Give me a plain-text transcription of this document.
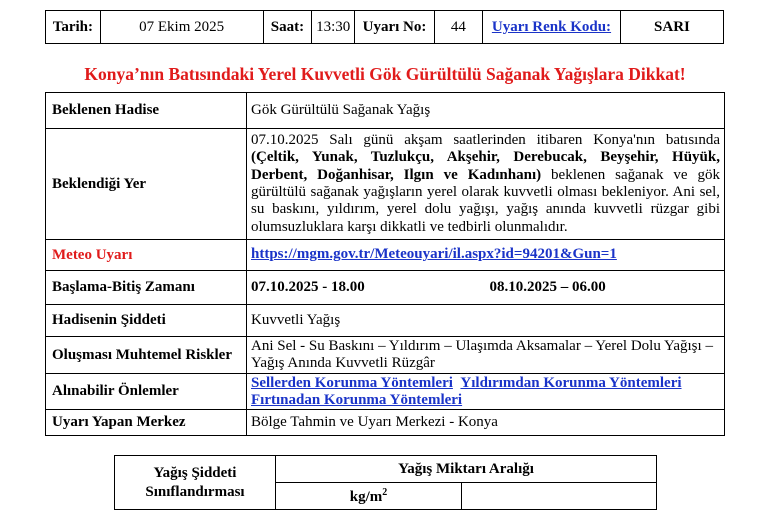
Tarih:	07 Ekim 2025	Saat:	13:30	Uyarı No:	44	Uyarı Renk Kodu:	SARI
Konya’nın Batısındaki Yerel Kuvvetli Gök Gürültülü Sağanak Yağışlara Dikkat!
Beklenen Hadise	Gök Gürültülü Sağanak Yağış	
Beklendiği Yer	07.10.2025 Salı günü akşam saatlerinden itibaren Konya'nın batısında (Çeltik, Yunak, Tuzlukçu, Akşehir, Derebucak, Beyşehir, Hüyük, Derbent, Doğanhisar, Ilgın ve Kadınhanı) beklenen sağanak ve gök gürültülü sağanak yağışların yerel olarak kuvvetli olması bekleniyor. Ani sel, su baskını, yıldırım, yerel dolu yağışı, yağış anında kuvvetli rüzgar gibi olumsuzluklara karşı dikkatli ve tedbirli olunmalıdır.	
Meteo Uyarı	https://mgm.gov.tr/Meteouyari/il.aspx?id=94201&Gun=1	
Başlama-Bitiş Zamanı	07.10.2025 - 18.00	08.10.2025 – 06.00
Hadisenin Şiddeti	Kuvvetli Yağış	
Oluşması Muhtemel Riskler	Ani Sel - Su Baskını – Yıldırım – Ulaşımda Aksamalar – Yerel Dolu Yağışı – Yağış Anında Kuvvetli Rüzgâr	
Alınabilir Önlemler	Sellerden Korunma Yöntemleri Yıldırımdan Korunma Yöntemleri
Fırtınadan Korunma Yöntemleri	
Uyarı Yapan Merkez	Bölge Tahmin ve Uyarı Merkezi - Konya	
Yağış Şiddeti Sınıflandırması	Yağış Miktarı Aralığı	
	$kg/m^2$	
